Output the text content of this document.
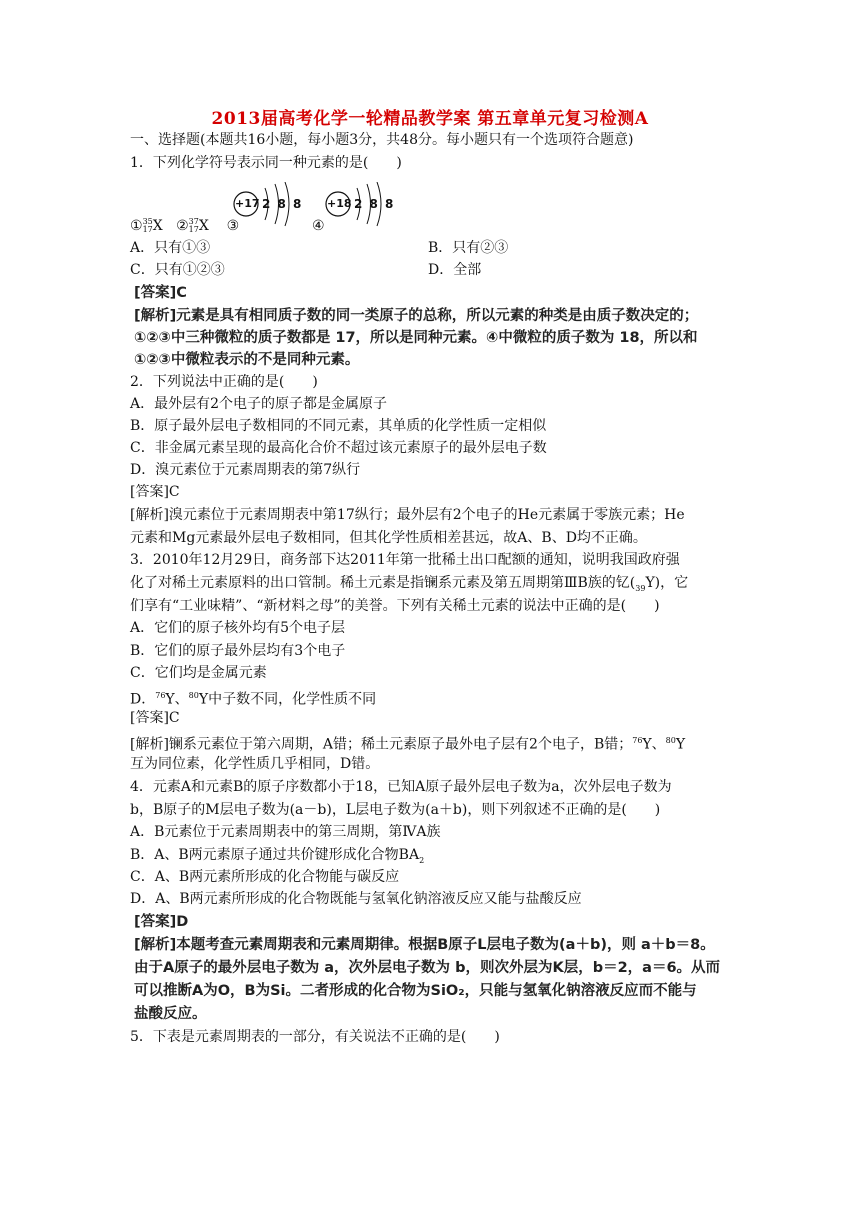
2013届高考化学一轮精品教学案 第五章单元复习检测A
一、选择题(本题共16小题，每小题3分，共48分。每小题只有一个选项符合题意)
1．下列化学符号表示同一种元素的是(　　)
+17 2 8 8 +18 2 8 8
①35
17X ②37
17X ③	④
A．只有①③	B．只有②③
C．只有①②③	D．全部
[答案]C
[解析]元素是具有相同质子数的同一类原子的总称，所以元素的种类是由质子数决定的；
①②③中三种微粒的质子数都是 17，所以是同种元素。④中微粒的质子数为 18，所以和
①②③中微粒表示的不是同种元素。
2．下列说法中正确的是(　　)
A．最外层有2个电子的原子都是金属原子
B．原子最外层电子数相同的不同元素，其单质的化学性质一定相似
C．非金属元素呈现的最高化合价不超过该元素原子的最外层电子数
D．溴元素位于元素周期表的第7纵行
[答案]C
[解析]溴元素位于元素周期表中第17纵行；最外层有2个电子的He元素属于零族元素；He
元素和Mg元素最外层电子数相同，但其化学性质相差甚远，故A、B、D均不正确。
3．2010年12月29日，商务部下达2011年第一批稀土出口配额的通知，说明我国政府强
化了对稀土元素原料的出口管制。稀土元素是指镧系元素及第五周期第ⅢB族的钇$(_{39}Y)$，它
们享有“工业味精”、“新材料之母”的美誉。下列有关稀土元素的说法中正确的是(　　)
A．它们的原子核外均有5个电子层
B．它们的原子最外层均有3个电子
C．它们均是金属元素
D．$^{76}$Y、$^{80}$Y中子数不同，化学性质不同
[答案]C
[解析]镧系元素位于第六周期，A错；稀土元素原子最外电子层有2个电子，B错；$^{76}$Y、$^{80}$Y
互为同位素，化学性质几乎相同，D错。
4．元素A和元素B的原子序数都小于18，已知A原子最外层电子数为a，次外层电子数为
b，B原子的M层电子数为(a－b)，L层电子数为(a＋b)，则下列叙述不正确的是(　　)
A．B元素位于元素周期表中的第三周期，第ⅣA族
B．A、B两元素原子通过共价键形成化合物$BA_2$
C．A、B两元素所形成的化合物能与碳反应
D．A、B两元素所形成的化合物既能与氢氧化钠溶液反应又能与盐酸反应
[答案]D
[解析]本题考查元素周期表和元素周期律。根据B原子L层电子数为(a＋b)，则 a＋b＝8。
由于A原子的最外层电子数为 a，次外层电子数为 b，则次外层为K层，b＝2，a＝6。从而
可以推断A为O，B为Si。二者形成的化合物为SiO₂，只能与氢氧化钠溶液反应而不能与
盐酸反应。
5．下表是元素周期表的一部分，有关说法不正确的是(　　)
